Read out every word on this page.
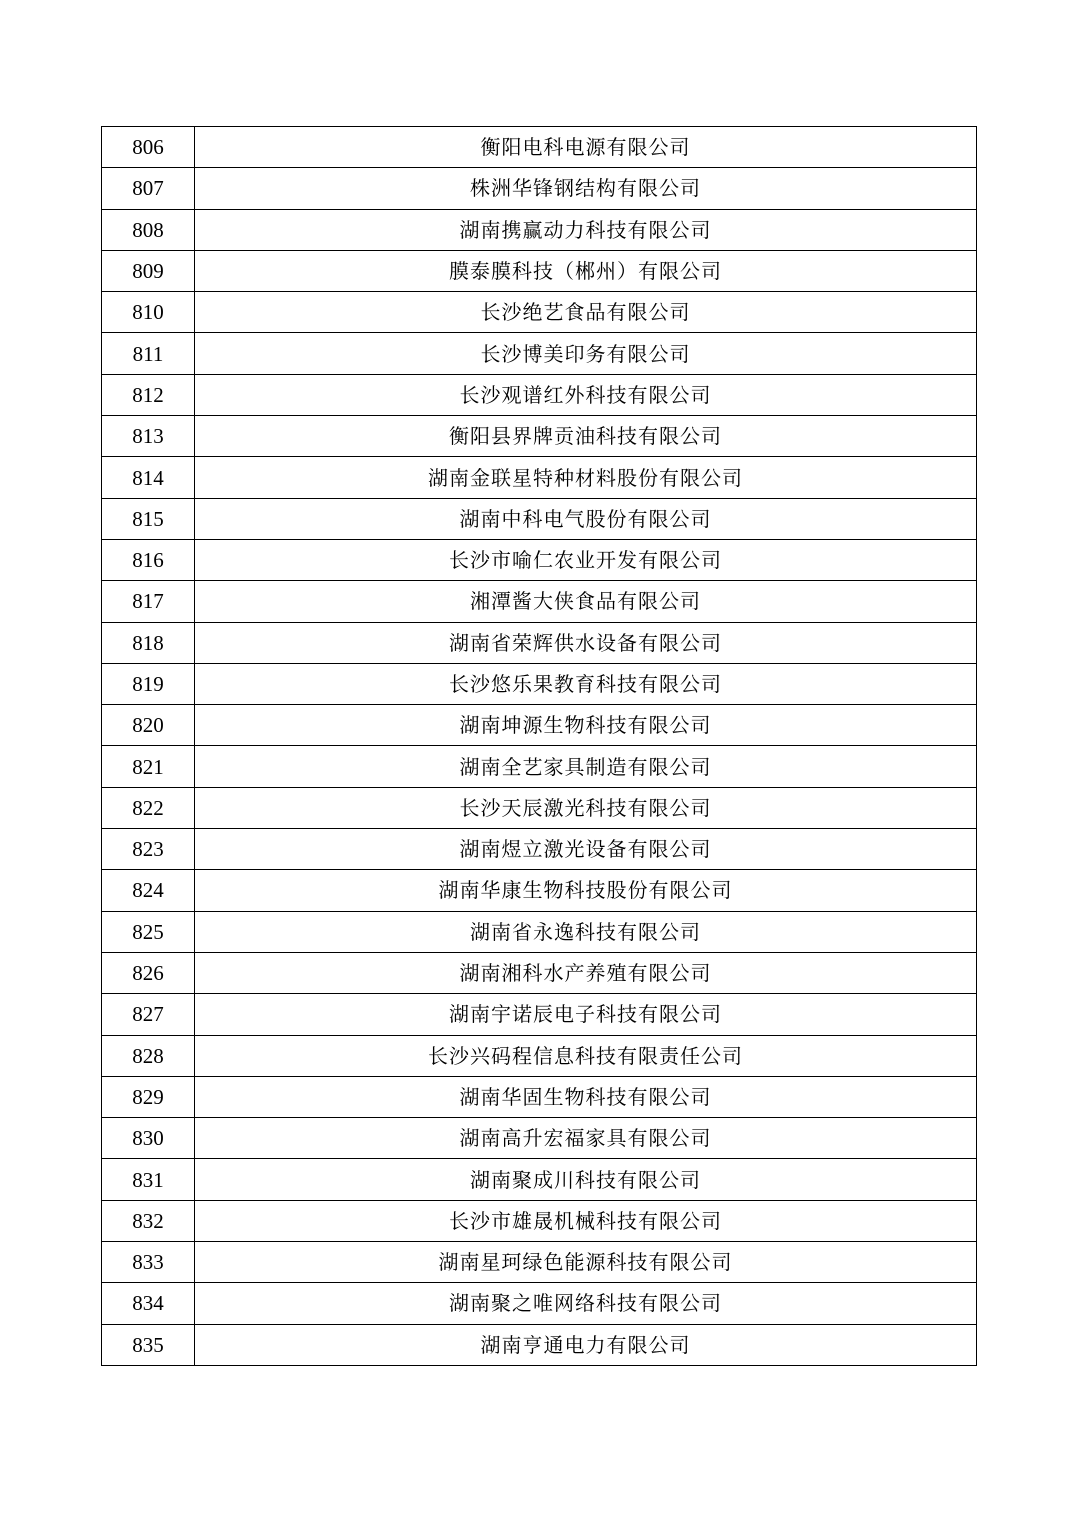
806	衡阳电科电源有限公司
807	株洲华锋钢结构有限公司
808	湖南携赢动力科技有限公司
809	膜泰膜科技（郴州）有限公司
810	长沙绝艺食品有限公司
811	长沙博美印务有限公司
812	长沙观谱红外科技有限公司
813	衡阳县界牌贡油科技有限公司
814	湖南金联星特种材料股份有限公司
815	湖南中科电气股份有限公司
816	长沙市喻仁农业开发有限公司
817	湘潭酱大侠食品有限公司
818	湖南省荣辉供水设备有限公司
819	长沙悠乐果教育科技有限公司
820	湖南坤源生物科技有限公司
821	湖南全艺家具制造有限公司
822	长沙天辰激光科技有限公司
823	湖南煜立激光设备有限公司
824	湖南华康生物科技股份有限公司
825	湖南省永逸科技有限公司
826	湖南湘科水产养殖有限公司
827	湖南宇诺辰电子科技有限公司
828	长沙兴码程信息科技有限责任公司
829	湖南华固生物科技有限公司
830	湖南高升宏福家具有限公司
831	湖南聚成川科技有限公司
832	长沙市雄晟机械科技有限公司
833	湖南星珂绿色能源科技有限公司
834	湖南聚之唯网络科技有限公司
835	湖南亨通电力有限公司
